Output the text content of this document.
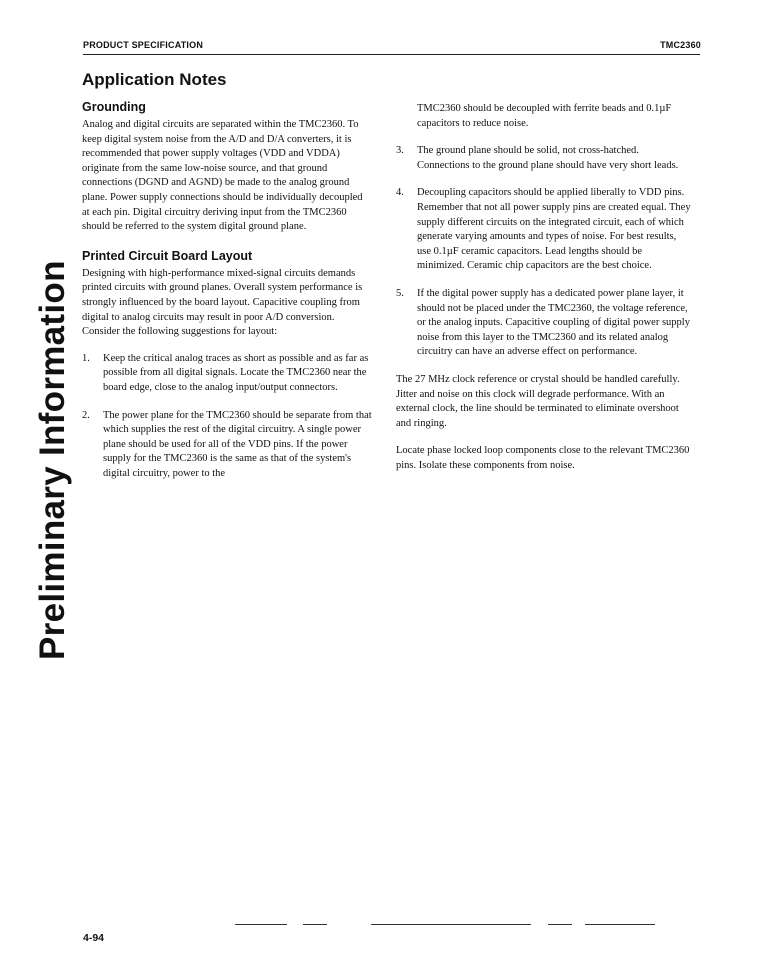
PRODUCT SPECIFICATION	TMC2360
Application Notes
Preliminary Information
Grounding

Analog and digital circuits are separated within the TMC2360. To keep digital system noise from the A/D and D/A converters, it is recommended that power supply voltages (VDD and VDDA) originate from the same low-noise source, and that ground connections (DGND and AGND) be made to the analog ground plane. Power supply connections should be individually decoupled at each pin. Digital circuitry deriving input from the TMC2360 should be referred to the system digital ground plane.

Printed Circuit Board Layout

Designing with high-performance mixed-signal circuits demands printed circuits with ground planes. Overall system performance is strongly influenced by the board layout. Capacitive coupling from digital to analog circuits may result in poor A/D conversion. Consider the following suggestions for layout:

1. Keep the critical analog traces as short as possible and as far as possible from all digital signals. Locate the TMC2360 near the board edge, close to the analog input/output connectors.
2. The power plane for the TMC2360 should be separate from that which supplies the rest of the digital circuitry. A single power plane should be used for all of the VDD pins. If the power supply for the TMC2360 is the same as that of the system's digital circuitry, power to the

TMC2360 should be decoupled with ferrite beads and 0.1µF capacitors to reduce noise.

3. The ground plane should be solid, not cross-hatched. Connections to the ground plane should have very short leads.
4. Decoupling capacitors should be applied liberally to VDD pins. Remember that not all power supply pins are created equal. They supply different circuits on the integrated circuit, each of which generate varying amounts and types of noise. For best results, use 0.1µF ceramic capacitors. Lead lengths should be minimized. Ceramic chip capacitors are the best choice.
5. If the digital power supply has a dedicated power plane layer, it should not be placed under the TMC2360, the voltage reference, or the analog inputs. Capacitive coupling of digital power supply noise from this layer to the TMC2360 and its related analog circuitry can have an adverse effect on performance.

The 27 MHz clock reference or crystal should be handled carefully. Jitter and noise on this clock will degrade performance. With an external clock, the line should be terminated to eliminate overshoot and ringing.

Locate phase locked loop components close to the relevant TMC2360 pins. Isolate these components from noise.

4-94
